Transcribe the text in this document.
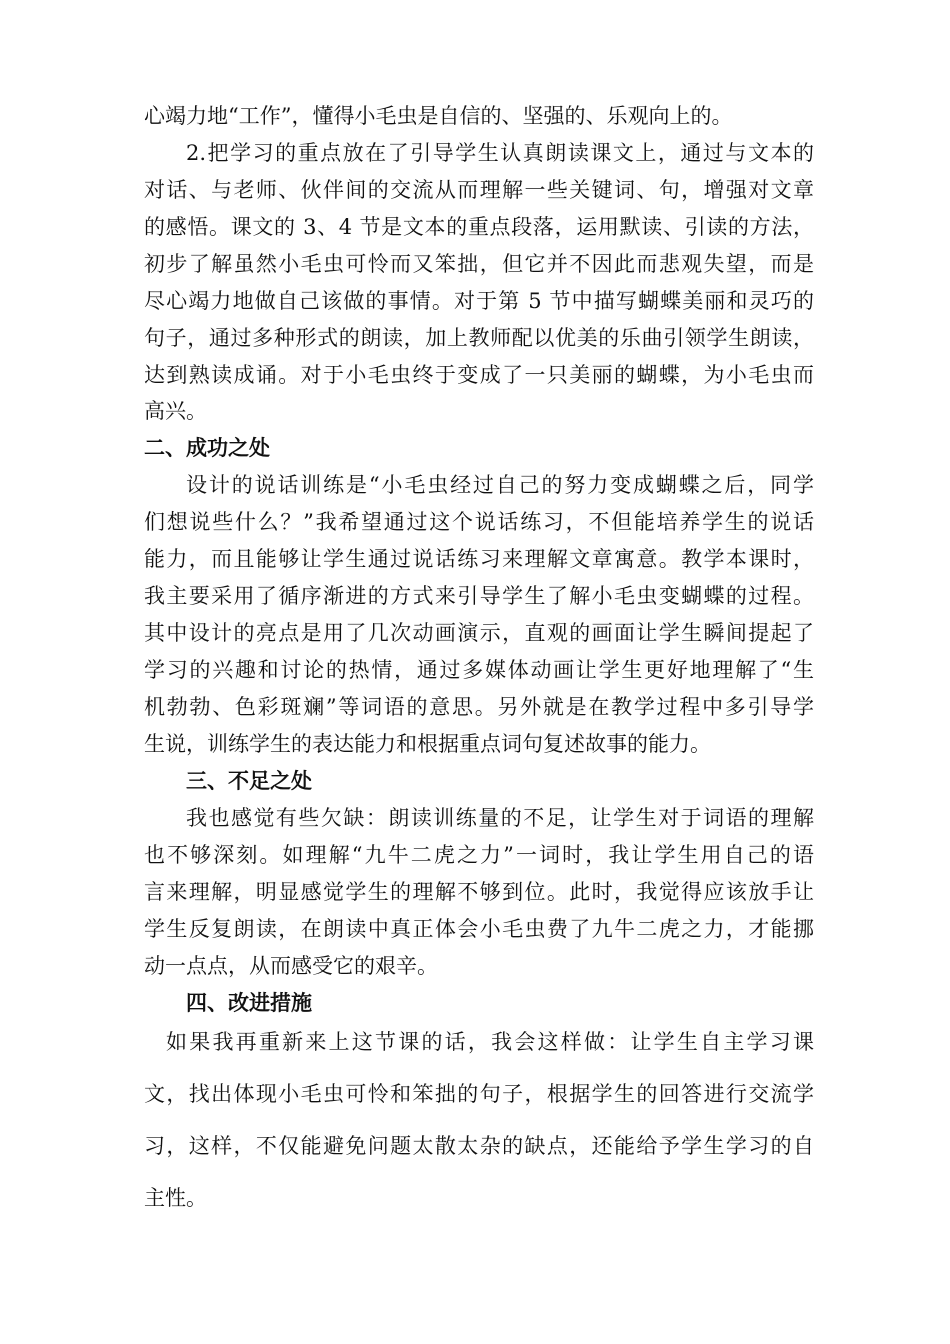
心竭力地“工作”，懂得小毛虫是自信的、坚强的、乐观向上的。
2.把学习的重点放在了引导学生认真朗读课文上，通过与文本的
对话、与老师、伙伴间的交流从而理解一些关键词、句，增强对文章
的感悟。课文的 3、4 节是文本的重点段落，运用默读、引读的方法，
初步了解虽然小毛虫可怜而又笨拙，但它并不因此而悲观失望，而是
尽心竭力地做自己该做的事情。对于第 5 节中描写蝴蝶美丽和灵巧的
句子，通过多种形式的朗读，加上教师配以优美的乐曲引领学生朗读，
达到熟读成诵。对于小毛虫终于变成了一只美丽的蝴蝶，为小毛虫而
高兴。
二、成功之处
设计的说话训练是“小毛虫经过自己的努力变成蝴蝶之后，同学
们想说些什么？”我希望通过这个说话练习，不但能培养学生的说话
能力，而且能够让学生通过说话练习来理解文章寓意。教学本课时，
我主要采用了循序渐进的方式来引导学生了解小毛虫变蝴蝶的过程。
其中设计的亮点是用了几次动画演示，直观的画面让学生瞬间提起了
学习的兴趣和讨论的热情，通过多媒体动画让学生更好地理解了“生
机勃勃、色彩斑斓”等词语的意思。另外就是在教学过程中多引导学
生说，训练学生的表达能力和根据重点词句复述故事的能力。
三、不足之处
我也感觉有些欠缺：朗读训练量的不足，让学生对于词语的理解
也不够深刻。如理解“九牛二虎之力”一词时，我让学生用自己的语
言来理解，明显感觉学生的理解不够到位。此时，我觉得应该放手让
学生反复朗读，在朗读中真正体会小毛虫费了九牛二虎之力，才能挪
动一点点，从而感受它的艰辛。
四、改进措施
如果我再重新来上这节课的话，我会这样做：让学生自主学习课
文，找出体现小毛虫可怜和笨拙的句子，根据学生的回答进行交流学
习，这样，不仅能避免问题太散太杂的缺点，还能给予学生学习的自
主性。
